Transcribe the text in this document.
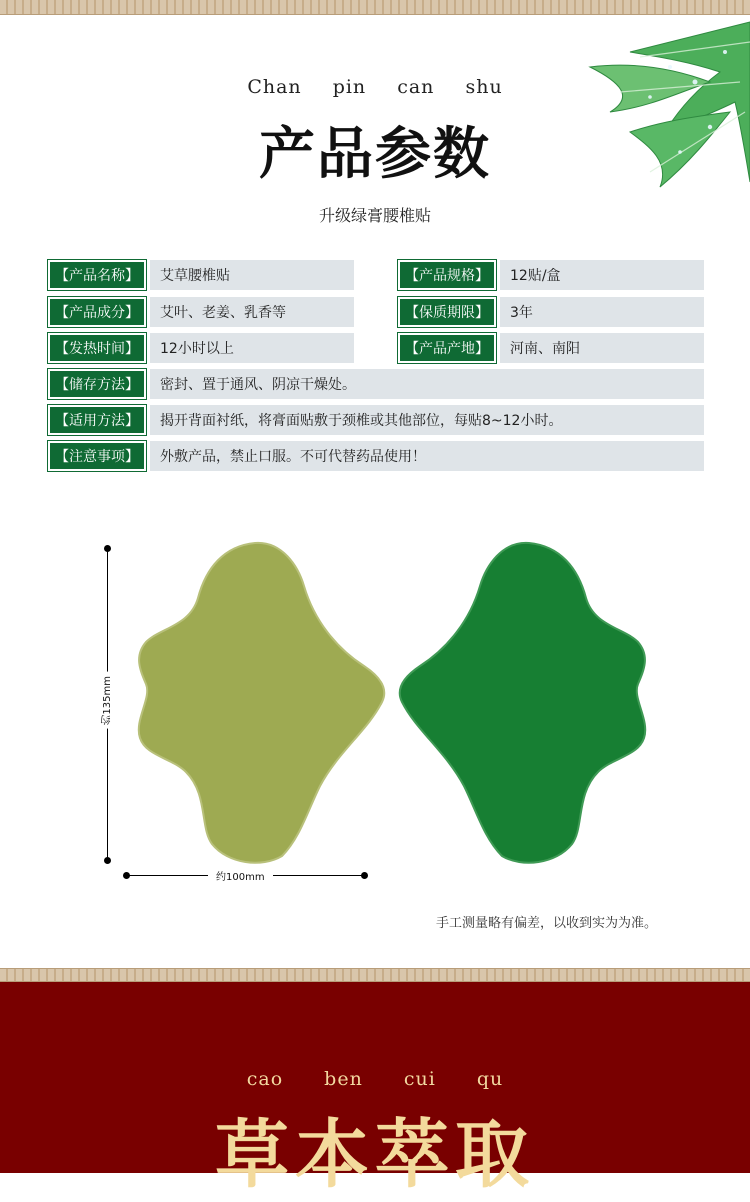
Chan pin can shu
产品参数
升级绿膏腰椎贴
【产品名称】	艾草腰椎贴	【产品规格】	12贴/盒
【产品成分】	艾叶、老姜、乳香等	【保质期限】	3年
【发热时间】	12小时以上	【产品产地】	河南、南阳
【储存方法】	密封、置于通风、阴凉干燥处。
【适用方法】	揭开背面衬纸，将膏面贴敷于颈椎或其他部位，每贴8~12小时。
【注意事项】	外敷产品，禁止口服。不可代替药品使用！
约135mm
约100mm
手工测量略有偏差，以收到实为为准。
cao ben cui qu
草本萃取
